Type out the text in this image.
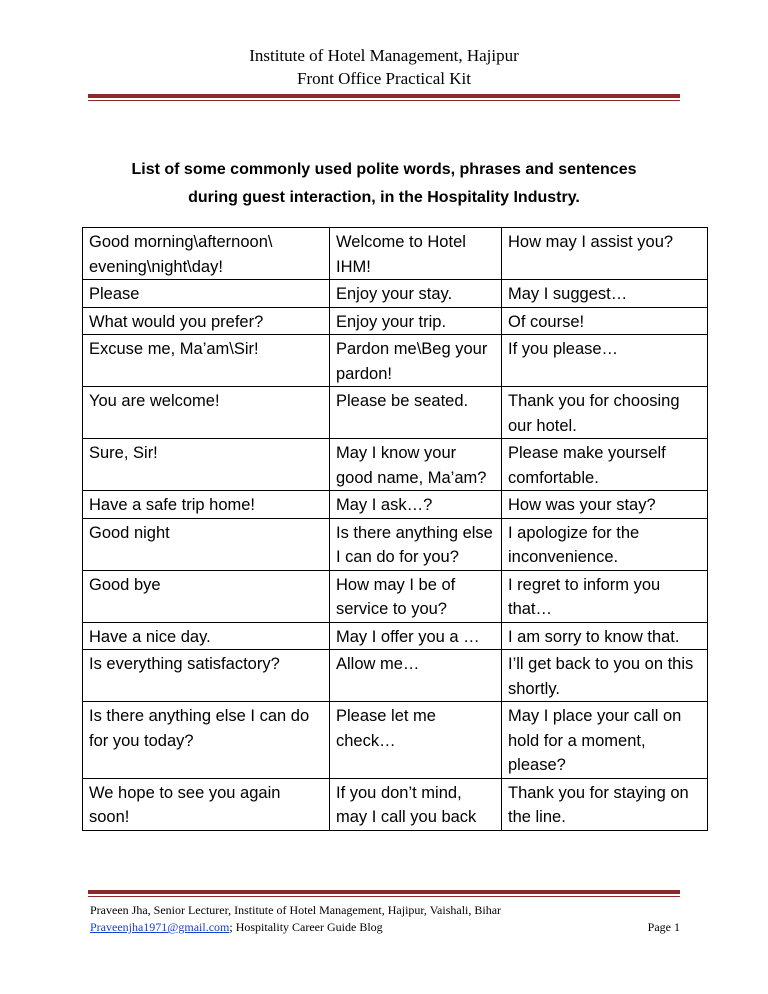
Institute of Hotel Management, Hajipur
Front Office Practical Kit
List of some commonly used polite words, phrases and sentences
during guest interaction, in the Hospitality Industry.
Good morning\afternoon\ evening\night\day!	Welcome to Hotel IHM!	How may I assist you?
Please	Enjoy your stay.	May I suggest…
What would you prefer?	Enjoy your trip.	Of course!
Excuse me, Ma’am\Sir!	Pardon me\Beg your pardon!	If you please…
You are welcome!	Please be seated.	Thank you for choosing our hotel.
Sure, Sir!	May I know your good name, Ma’am?	Please make yourself comfortable.
Have a safe trip home!	May I ask…?	How was your stay?
Good night	Is there anything else I can do for you?	I apologize for the inconvenience.
Good bye	How may I be of service to you?	I regret to inform you that…
Have a nice day.	May I offer you a …	I am sorry to know that.
Is everything satisfactory?	Allow me…	I’ll get back to you on this shortly.
Is there anything else I can do for you today?	Please let me check…	May I place your call on hold for a moment, please?
We hope to see you again soon!	If you don’t mind, may I call you back	Thank you for staying on the line.
Praveen Jha, Senior Lecturer, Institute of Hotel Management, Hajipur, Vaishali, Bihar
Praveenjha1971@gmail.com; Hospitality Career Guide Blog	Page 1
